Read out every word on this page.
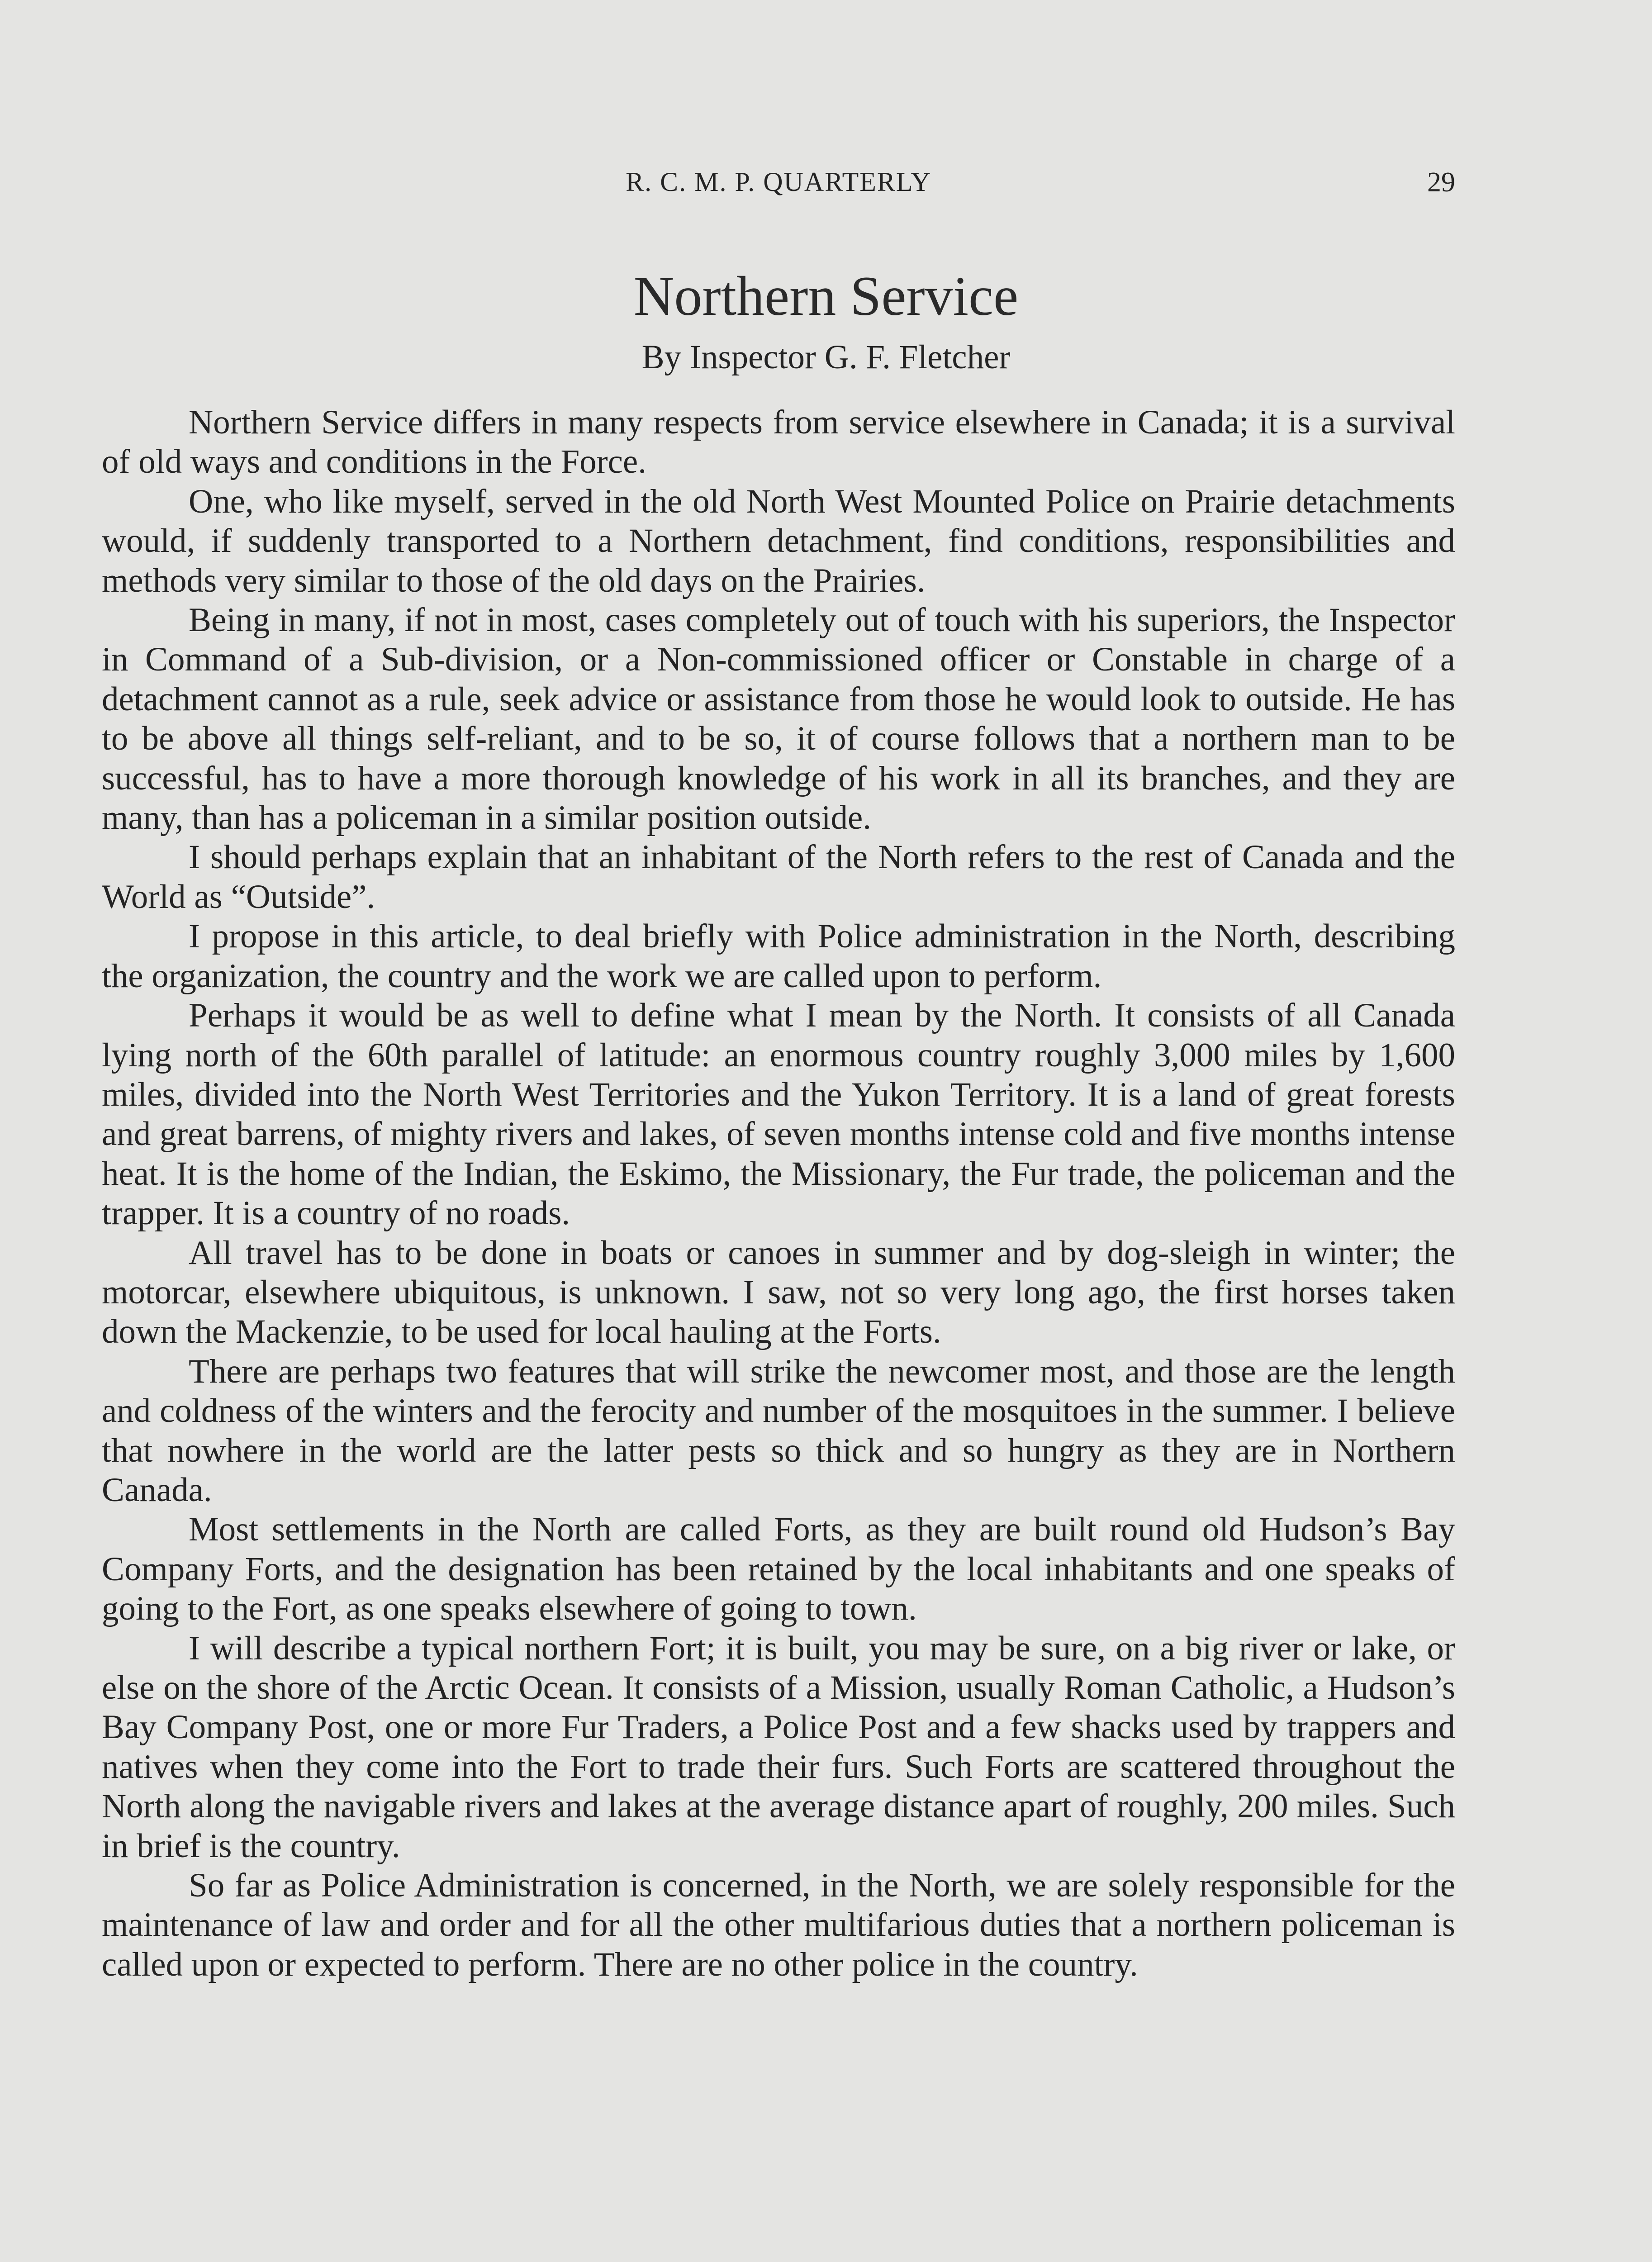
R. C. M. P. QUARTERLY	29
Northern Service
By Inspector G. F. Fletcher

Northern Service differs in many respects from service elsewhere in Canada; it is a survival of old ways and conditions in the Force.

One, who like myself, served in the old North West Mounted Police on Prairie detachments would, if suddenly transported to a Northern detachment, find conditions, responsibilities and methods very similar to those of the old days on the Prairies.

Being in many, if not in most, cases completely out of touch with his superiors, the Inspector in Command of a Sub-division, or a Non-commissioned officer or Constable in charge of a detachment cannot as a rule, seek advice or assistance from those he would look to outside. He has to be above all things self-reliant, and to be so, it of course follows that a northern man to be successful, has to have a more thorough knowledge of his work in all its branches, and they are many, than has a policeman in a similar position outside.

I should perhaps explain that an inhabitant of the North refers to the rest of Canada and the World as “Outside”.

I propose in this article, to deal briefly with Police administration in the North, describing the organization, the country and the work we are called upon to perform.

Perhaps it would be as well to define what I mean by the North. It consists of all Canada lying north of the 60th parallel of latitude: an enormous country roughly 3,000 miles by 1,600 miles, divided into the North West Territories and the Yukon Territory. It is a land of great forests and great barrens, of mighty rivers and lakes, of seven months intense cold and five months intense heat. It is the home of the Indian, the Eskimo, the Missionary, the Fur trade, the policeman and the trapper. It is a country of no roads.

All travel has to be done in boats or canoes in summer and by dog-sleigh in winter; the motorcar, elsewhere ubiquitous, is unknown. I saw, not so very long ago, the first horses taken down the Mackenzie, to be used for local hauling at the Forts.

There are perhaps two features that will strike the newcomer most, and those are the length and coldness of the winters and the ferocity and number of the mosquitoes in the summer. I believe that nowhere in the world are the latter pests so thick and so hungry as they are in Northern Canada.

Most settlements in the North are called Forts, as they are built round old Hudson’s Bay Company Forts, and the designation has been retained by the local inhabitants and one speaks of going to the Fort, as one speaks elsewhere of going to town.

I will describe a typical northern Fort; it is built, you may be sure, on a big river or lake, or else on the shore of the Arctic Ocean. It consists of a Mission, usually Roman Catholic, a Hudson’s Bay Company Post, one or more Fur Traders, a Police Post and a few shacks used by trappers and natives when they come into the Fort to trade their furs. Such Forts are scattered throughout the North along the navigable rivers and lakes at the average distance apart of roughly, 200 miles. Such in brief is the country.

So far as Police Administration is concerned, in the North, we are solely responsible for the maintenance of law and order and for all the other multifarious duties that a northern policeman is called upon or expected to perform. There are no other police in the country.
